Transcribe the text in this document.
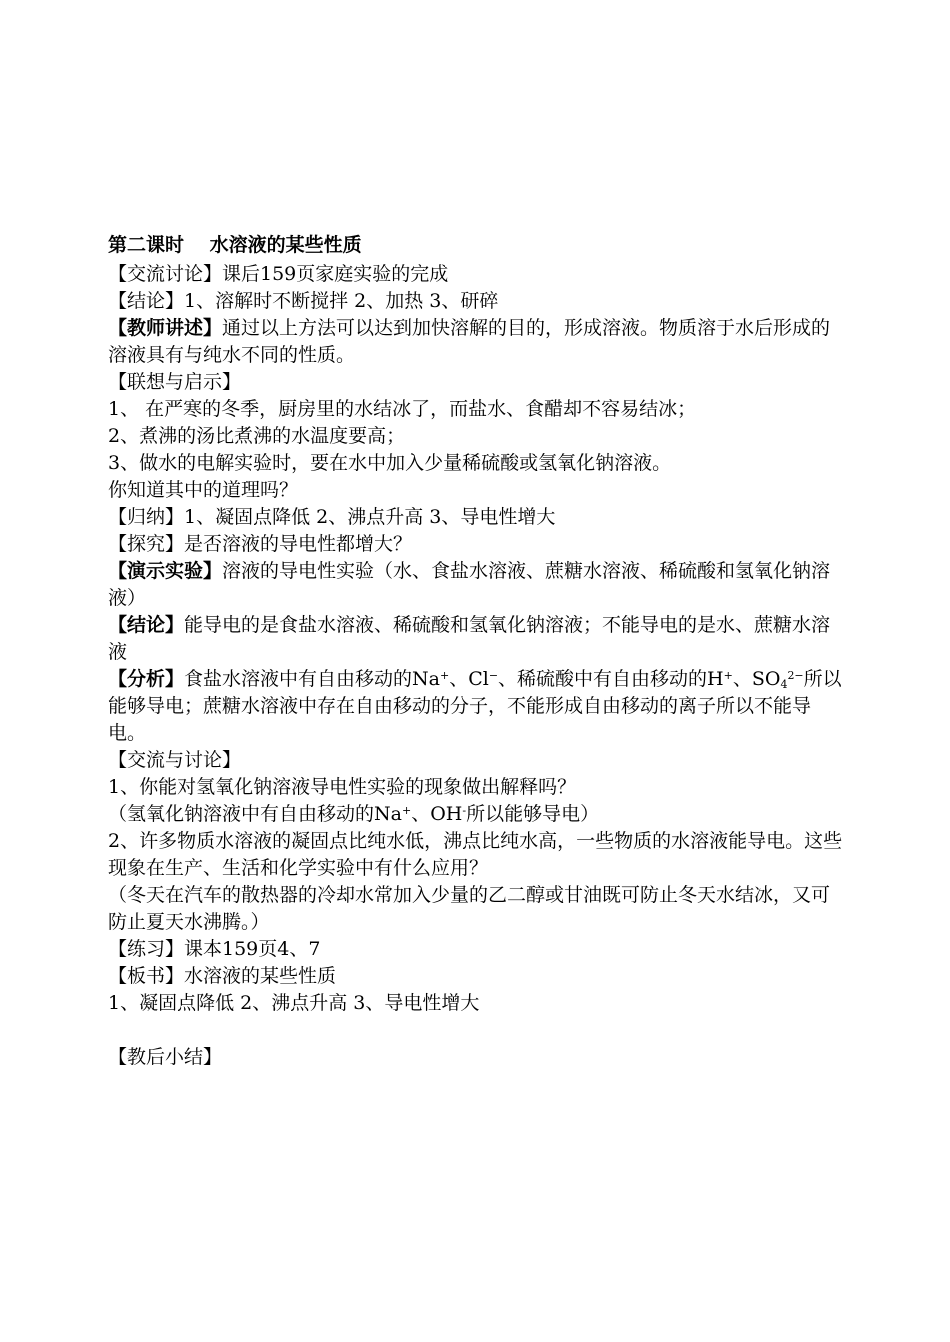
第二课时　 水溶液的某些性质
【交流讨论】课后159页家庭实验的完成
【结论】1、溶解时不断搅拌 2、加热 3、研碎
【教师讲述】通过以上方法可以达到加快溶解的目的，形成溶液。物质溶于水后形成的溶液具有与纯水不同的性质。
【联想与启示】
1、 在严寒的冬季，厨房里的水结冰了，而盐水、食醋却不容易结冰；
2、煮沸的汤比煮沸的水温度要高；
3、做水的电解实验时，要在水中加入少量稀硫酸或氢氧化钠溶液。
你知道其中的道理吗？
【归纳】1、凝固点降低 2、沸点升高 3、导电性增大
【探究】是否溶液的导电性都增大？
【演示实验】溶液的导电性实验（水、食盐水溶液、蔗糖水溶液、稀硫酸和氢氧化钠溶液）
【结论】能导电的是食盐水溶液、稀硫酸和氢氧化钠溶液；不能导电的是水、蔗糖水溶液
【分析】食盐水溶液中有自由移动的Na+、Cl−、稀硫酸中有自由移动的H+、$SO_4^{2-}$所以能够导电；蔗糖水溶液中存在自由移动的分子，不能形成自由移动的离子所以不能导电。
【交流与讨论】
1、你能对氢氧化钠溶液导电性实验的现象做出解释吗？
（氢氧化钠溶液中有自由移动的Na+、OH-所以能够导电）
2、许多物质水溶液的凝固点比纯水低，沸点比纯水高，一些物质的水溶液能导电。这些现象在生产、生活和化学实验中有什么应用？
（冬天在汽车的散热器的冷却水常加入少量的乙二醇或甘油既可防止冬天水结冰，又可防止夏天水沸腾。）
【练习】课本159页4、7
【板书】水溶液的某些性质
1、凝固点降低 2、沸点升高 3、导电性增大
【教后小结】
